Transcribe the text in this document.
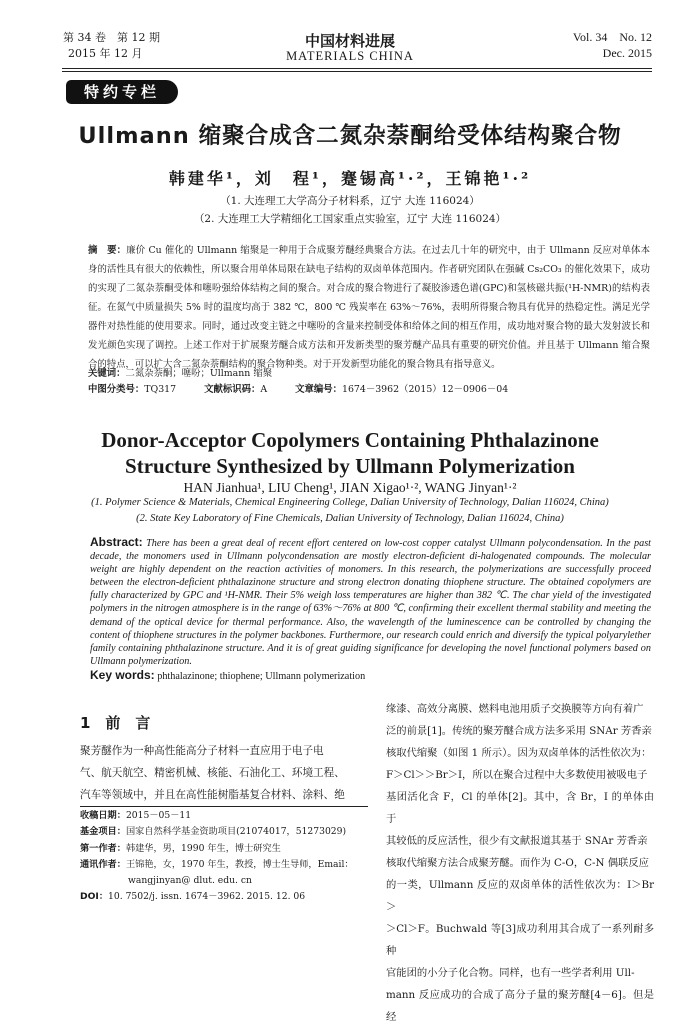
第 34 卷　第 12 期
2015 年 12 月
中国材料进展
MATERIALS CHINA
Vol. 34　No. 12
Dec. 2015
特约专栏
Ullmann 缩聚合成含二氮杂萘酮给受体结构聚合物
韩建华¹，刘　程¹，蹇锡高¹·²，王锦艳¹·²
（1. 大连理工大学高分子材料系，辽宁 大连 116024）
（2. 大连理工大学精细化工国家重点实验室，辽宁 大连 116024）
摘　要：廉价 Cu 催化的 Ullmann 缩聚是一种用于合成聚芳醚经典聚合方法。在过去几十年的研究中，由于 Ullmann 反应对单体本身的活性具有很大的依赖性，所以聚合用单体局限在缺电子结构的双卤单体范围内。作者研究团队在强碱 Cs₂CO₃ 的催化效果下，成功的实现了二氮杂萘酮受体和噻吩强给体结构之间的聚合。对合成的聚合物进行了凝胶渗透色谱(GPC)和氢核磁共振(¹H-NMR)的结构表征。在氮气中质量损失 5% 时的温度均高于 382 ℃，800 ℃ 残炭率在 63%～76%，表明所得聚合物具有优异的热稳定性。满足光学器件对热性能的使用要求。同时，通过改变主链之中噻吩的含量来控制受体和给体之间的相互作用，成功地对聚合物的最大发射波长和发光颜色实现了调控。上述工作对于扩展聚芳醚合成方法和开发新类型的聚芳醚产品具有重要的研究价值。并且基于 Ullmann 缩合聚合的特点，可以扩大含二氮杂萘酮结构的聚合物种类。对于开发新型功能化的聚合物具有指导意义。
关键词：二氮杂萘酮；噻吩；Ullmann 缩聚
中图分类号：TQ317	文献标识码：A	文章编号：1674－3962（2015）12－0906－04
Donor-Acceptor Copolymers Containing Phthalazinone
Structure Synthesized by Ullmann Polymerization
HAN Jianhua¹, LIU Cheng¹, JIAN Xigao¹·², WANG Jinyan¹·²
(1. Polymer Science & Materials, Chemical Engineering College, Dalian University of Technology, Dalian 116024, China)
(2. State Key Laboratory of Fine Chemicals, Dalian University of Technology, Dalian 116024, China)
Abstract: There has been a great deal of recent effort centered on low-cost copper catalyst Ullmann polycondensation. In the past decade, the monomers used in Ullmann polycondensation are mostly electron-deficient di-halogenated compounds. The molecular weight are highly dependent on the reaction activities of monomers. In this research, the polymerizations are successfully proceed between the electron-deficient phthalazinone structure and strong electron donating thiophene structure. The obtained copolymers are fully characterized by GPC and ¹H-NMR. Their 5% weigh loss temperatures are higher than 382 ℃. The char yield of the investigated polymers in the nitrogen atmosphere is in the range of 63%～76% at 800 ℃, confirming their excellent thermal stability and meeting the demand of the optical device for thermal performance. Also, the wavelength of the luminescence can be controlled by changing the content of thiophene structures in the polymer backbones. Furthermore, our research could enrich and diversify the typical polyarylether family containing phthalazinone structure. And it is of great guiding significance for developing the novel functional polymers based on Ullmann polymerization.
Key words: phthalazinone; thiophene; Ullmann polymerization
1　前　言
聚芳醚作为一种高性能高分子材料一直应用于电子电
气、航天航空、精密机械、核能、石油化工、环境工程、
汽车等领域中，并且在高性能树脂基复合材料、涂料、绝
收稿日期：2015－05－11
基金项目：国家自然科学基金资助项目(21074017，51273029)
第一作者：韩建华，男，1990 年生，博士研究生
通讯作者：王锦艳，女，1970 年生，教授，博士生导师，Email：
wangjinyan@ dlut. edu. cn
DOI：10. 7502/j. issn. 1674－3962. 2015. 12. 06
缘漆、高效分离膜、燃料电池用质子交换膜等方向有着广
泛的前景[1]。传统的聚芳醚合成方法多采用 SNAr 芳香亲
核取代缩聚（如图 1 所示）。因为双卤单体的活性依次为：
F＞Cl＞＞Br＞I，所以在聚合过程中大多数使用被吸电子
基团活化含 F，Cl 的单体[2]。其中，含 Br，I 的单体由于
其较低的反应活性，很少有文献报道其基于 SNAr 芳香亲
核取代缩聚方法合成聚芳醚。而作为 C-O，C-N 偶联反应
的一类，Ullmann 反应的双卤单体的活性依次为：I＞Br＞
＞Cl＞F。Buchwald 等[3]成功利用其合成了一系列耐多种
官能团的小分子化合物。同样，也有一些学者利用 Ull-
mann 反应成功的合成了高分子量的聚芳醚[4－6]。但是经
